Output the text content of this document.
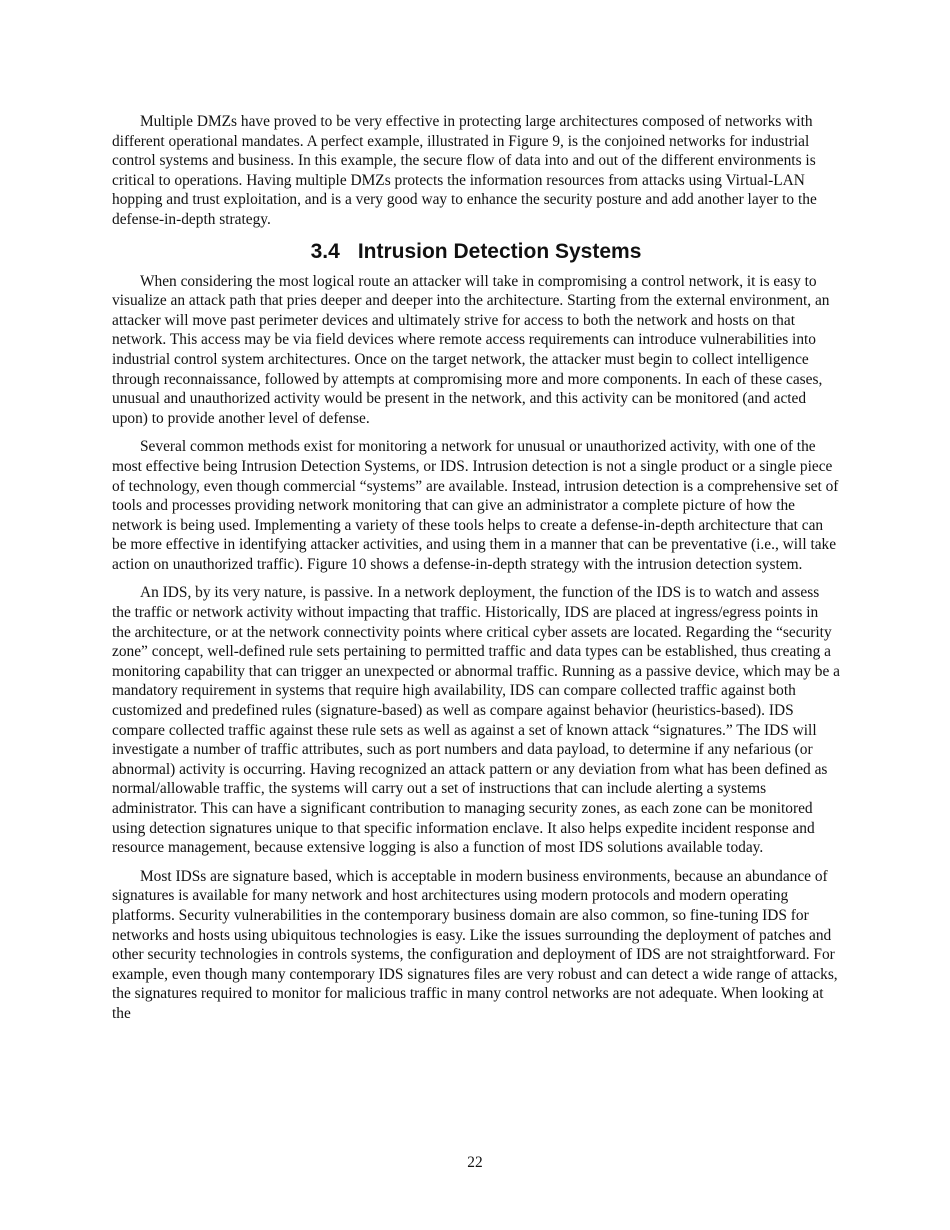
Multiple DMZs have proved to be very effective in protecting large architectures composed of networks with different operational mandates. A perfect example, illustrated in Figure 9, is the conjoined networks for industrial control systems and business. In this example, the secure flow of data into and out of the different environments is critical to operations. Having multiple DMZs protects the information resources from attacks using Virtual-LAN hopping and trust exploitation, and is a very good way to enhance the security posture and add another layer to the defense-in-depth strategy.

3.4 Intrusion Detection Systems

When considering the most logical route an attacker will take in compromising a control network, it is easy to visualize an attack path that pries deeper and deeper into the architecture. Starting from the external environment, an attacker will move past perimeter devices and ultimately strive for access to both the network and hosts on that network. This access may be via field devices where remote access requirements can introduce vulnerabilities into industrial control system architectures. Once on the target network, the attacker must begin to collect intelligence through reconnaissance, followed by attempts at compromising more and more components. In each of these cases, unusual and unauthorized activity would be present in the network, and this activity can be monitored (and acted upon) to provide another level of defense.

Several common methods exist for monitoring a network for unusual or unauthorized activity, with one of the most effective being Intrusion Detection Systems, or IDS. Intrusion detection is not a single product or a single piece of technology, even though commercial “systems” are available. Instead, intrusion detection is a comprehensive set of tools and processes providing network monitoring that can give an administrator a complete picture of how the network is being used. Implementing a variety of these tools helps to create a defense-in-depth architecture that can be more effective in identifying attacker activities, and using them in a manner that can be preventative (i.e., will take action on unauthorized traffic). Figure 10 shows a defense-in-depth strategy with the intrusion detection system.

An IDS, by its very nature, is passive. In a network deployment, the function of the IDS is to watch and assess the traffic or network activity without impacting that traffic. Historically, IDS are placed at ingress/egress points in the architecture, or at the network connectivity points where critical cyber assets are located. Regarding the “security zone” concept, well-defined rule sets pertaining to permitted traffic and data types can be established, thus creating a monitoring capability that can trigger an unexpected or abnormal traffic. Running as a passive device, which may be a mandatory requirement in systems that require high availability, IDS can compare collected traffic against both customized and predefined rules (signature-based) as well as compare against behavior (heuristics-based). IDS compare collected traffic against these rule sets as well as against a set of known attack “signatures.” The IDS will investigate a number of traffic attributes, such as port numbers and data payload, to determine if any nefarious (or abnormal) activity is occurring. Having recognized an attack pattern or any deviation from what has been defined as normal/allowable traffic, the systems will carry out a set of instructions that can include alerting a systems administrator. This can have a significant contribution to managing security zones, as each zone can be monitored using detection signatures unique to that specific information enclave. It also helps expedite incident response and resource management, because extensive logging is also a function of most IDS solutions available today.

Most IDSs are signature based, which is acceptable in modern business environments, because an abundance of signatures is available for many network and host architectures using modern protocols and modern operating platforms. Security vulnerabilities in the contemporary business domain are also common, so fine-tuning IDS for networks and hosts using ubiquitous technologies is easy. Like the issues surrounding the deployment of patches and other security technologies in controls systems, the configuration and deployment of IDS are not straightforward. For example, even though many contemporary IDS signatures files are very robust and can detect a wide range of attacks, the signatures required to monitor for malicious traffic in many control networks are not adequate. When looking at the

22
